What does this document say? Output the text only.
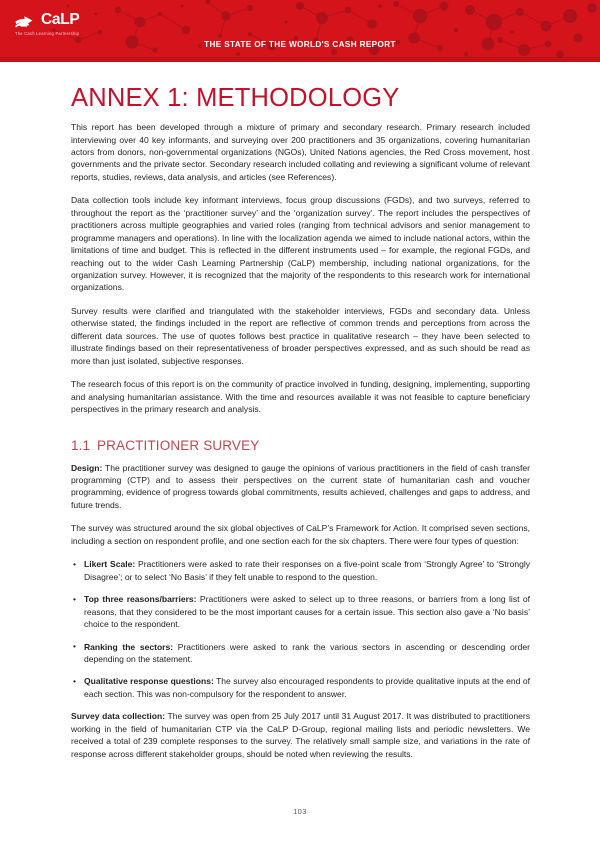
CaLP
The Cash Learning Partnership
THE STATE OF THE WORLD'S CASH REPORT
ANNEX 1: METHODOLOGY

This report has been developed through a mixture of primary and secondary research. Primary research included interviewing over 40 key informants, and surveying over 200 practitioners and 35 organizations, covering humanitarian actors from donors, non-governmental organizations (NGOs), United Nations agencies, the Red Cross movement, host governments and the private sector. Secondary research included collating and reviewing a significant volume of relevant reports, studies, reviews, data analysis, and articles (see References).

Data collection tools include key informant interviews, focus group discussions (FGDs), and two surveys, referred to throughout the report as the ‘practitioner survey’ and the ‘organization survey’. The report includes the perspectives of practitioners across multiple geographies and varied roles (ranging from technical advisors and senior management to programme managers and operations). In line with the localization agenda we aimed to include national actors, within the limitations of time and budget. This is reflected in the different instruments used – for example, the regional FGDs, and reaching out to the wider Cash Learning Partnership (CaLP) membership, including national organizations, for the organization survey. However, it is recognized that the majority of the respondents to this research work for international organizations.

Survey results were clarified and triangulated with the stakeholder interviews, FGDs and secondary data. Unless otherwise stated, the findings included in the report are reflective of common trends and perceptions from across the different data sources. The use of quotes follows best practice in qualitative research – they have been selected to illustrate findings based on their representativeness of broader perspectives expressed, and as such should be read as more than just isolated, subjective responses.

The research focus of this report is on the community of practice involved in funding, designing, implementing, supporting and analysing humanitarian assistance. With the time and resources available it was not feasible to capture beneficiary perspectives in the primary research and analysis.

1.1 PRACTITIONER SURVEY

Design: The practitioner survey was designed to gauge the opinions of various practitioners in the field of cash transfer programming (CTP) and to assess their perspectives on the current state of humanitarian cash and voucher programming, evidence of progress towards global commitments, results achieved, challenges and gaps to address, and future trends.

The survey was structured around the six global objectives of CaLP’s Framework for Action. It comprised seven sections, including a section on respondent profile, and one section each for the six chapters. There were four types of question:

• Likert Scale: Practitioners were asked to rate their responses on a five-point scale from ‘Strongly Agree’ to ‘Strongly Disagree’; or to select ‘No Basis’ if they felt unable to respond to the question.
• Top three reasons/barriers: Practitioners were asked to select up to three reasons, or barriers from a long list of reasons, that they considered to be the most important causes for a certain issue. This section also gave a ‘No basis’ choice to the respondent.
• Ranking the sectors: Practitioners were asked to rank the various sectors in ascending or descending order depending on the statement.
• Qualitative response questions: The survey also encouraged respondents to provide qualitative inputs at the end of each section. This was non-compulsory for the respondent to answer.

Survey data collection: The survey was open from 25 July 2017 until 31 August 2017. It was distributed to practitioners working in the field of humanitarian CTP via the CaLP D-Group, regional mailing lists and periodic newsletters. We received a total of 239 complete responses to the survey. The relatively small sample size, and variations in the rate of response across different stakeholder groups, should be noted when reviewing the results.

103
